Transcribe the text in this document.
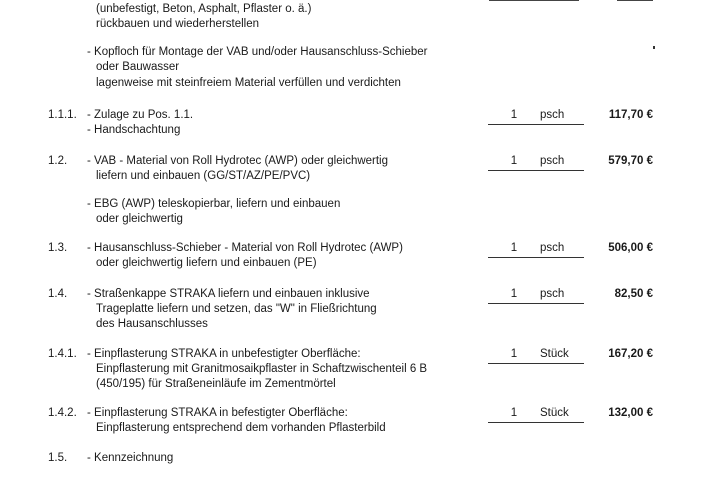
(unbefestigt, Beton, Asphalt, Pflaster o. ä.)
rückbauen und wiederherstellen
- Kopfloch für Montage der VAB und/oder Hausanschluss-Schieber
oder Bauwasser
lagenweise mit steinfreiem Material verfüllen und verdichten
1.1.1. - Zulage zu Pos. 1.1.
- Handschachtung
1	psch	117,70 €
1.2. - VAB - Material von Roll Hydrotec (AWP) oder gleichwertig
liefern und einbauen (GG/ST/AZ/PE/PVC)
1	psch	579,70 €
- EBG (AWP) teleskopierbar, liefern und einbauen
oder gleichwertig
1.3. - Hausanschluss-Schieber - Material von Roll Hydrotec (AWP)
oder gleichwertig liefern und einbauen (PE)
1	psch	506,00 €
1.4. - Straßenkappe STRAKA liefern und einbauen inklusive
Trageplatte liefern und setzen, das "W" in Fließrichtung
des Hausanschlusses
1	psch	82,50 €
1.4.1. - Einpflasterung STRAKA in unbefestigter Oberfläche:
Einpflasterung mit Granitmosaikpflaster in Schaftzwischenteil 6 B
(450/195) für Straßeneinläufe im Zementmörtel
1	Stück	167,20 €
1.4.2. - Einpflasterung STRAKA in befestigter Oberfläche:
Einpflasterung entsprechend dem vorhanden Pflasterbild
1	Stück	132,00 €
1.5. - Kennzeichnung
